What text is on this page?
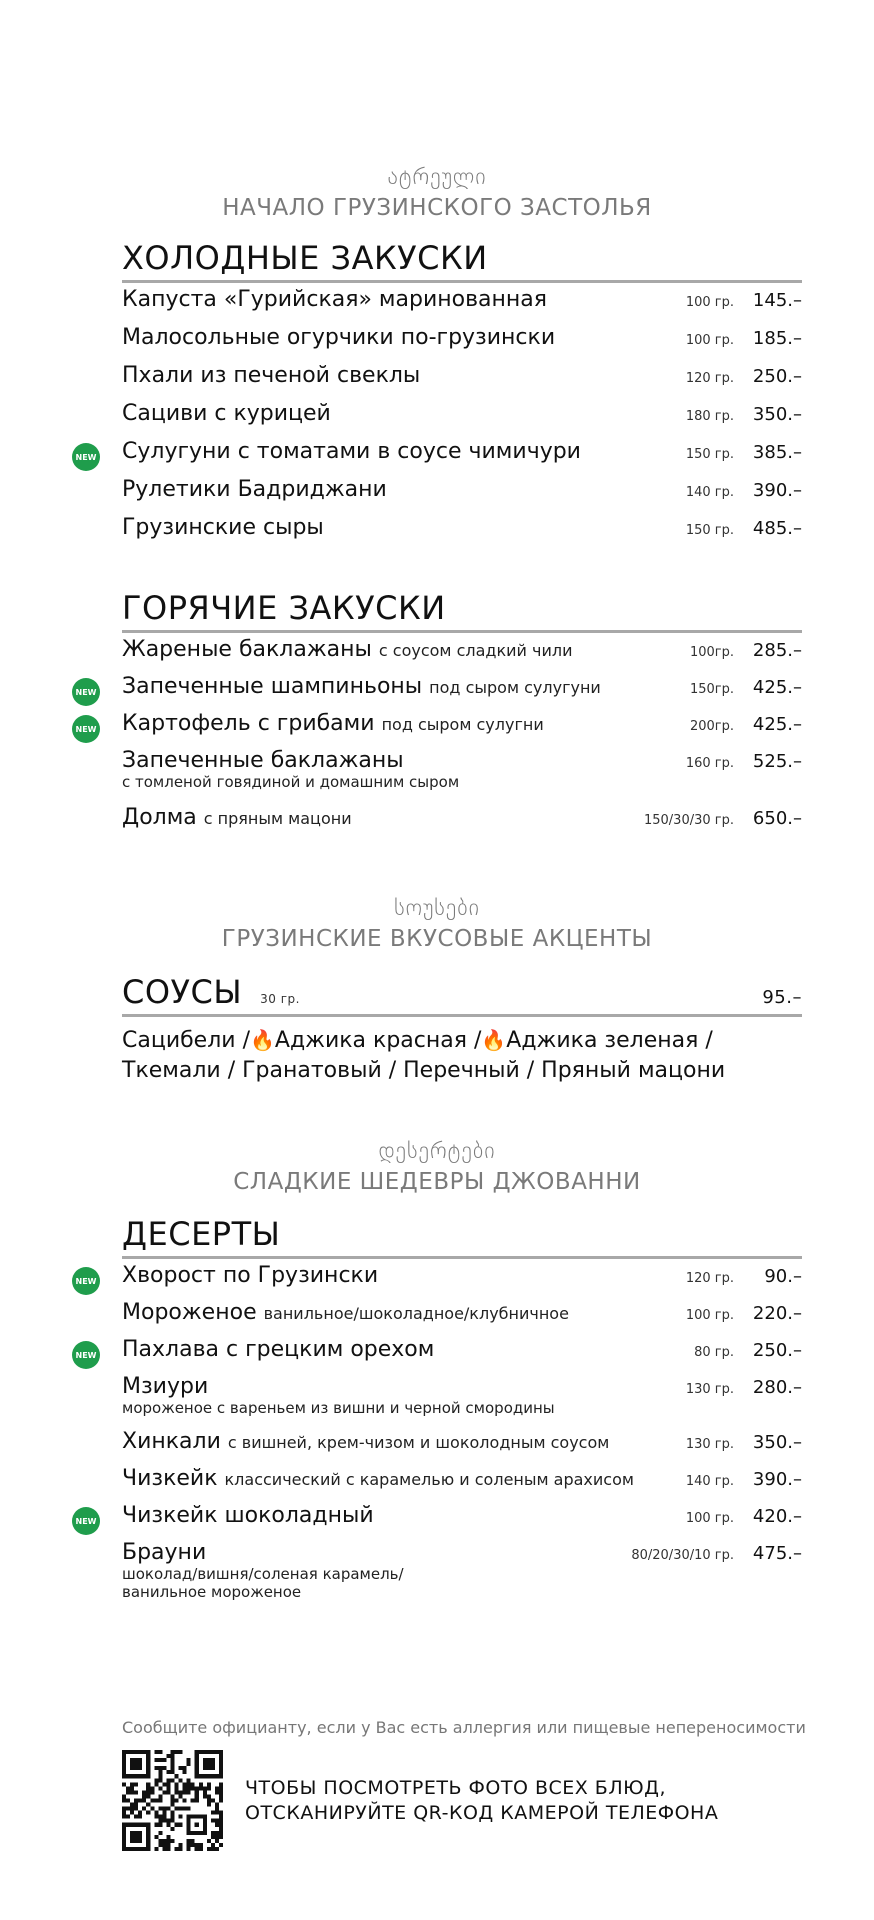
ატრეული
НАЧАЛО ГРУЗИНСКОГО ЗАСТОЛЬЯ
ХОЛОДНЫЕ ЗАКУСКИ
Капуста «Гурийская» маринованная	100 гр.	145.–
Малосольные огурчики по-грузински	100 гр.	185.–
Пхали из печеной свеклы	120 гр.	250.–
Сациви с курицей	180 гр.	350.–
NEW Сулугуни с томатами в соусе чимичури	150 гр.	385.–
Рулетики Бадриджани	140 гр.	390.–
Грузинские сыры	150 гр.	485.–
ГОРЯЧИЕ ЗАКУСКИ
Жареные баклажаны с соусом сладкий чили	100гр.	285.–
NEW Запеченные шампиньоны под сыром сулугуни	150гр.	425.–
NEW Картофель с грибами под сыром сулугни	200гр.	425.–
Запеченные баклажаны	160 гр.	525.–
с томленой говядиной и домашним сыром
Долма с пряным мацони	150/30/30 гр.	650.–
სოუსები
ГРУЗИНСКИЕ ВКУСОВЫЕ АКЦЕНТЫ
СОУСЫ 30 гр.	95.–
Сацибели /🔥Аджика красная /🔥Аджика зеленая /
Ткемали / Гранатовый / Перечный / Пряный мацони
დესერტები
СЛАДКИЕ ШЕДЕВРЫ ДЖОВАННИ
ДЕСЕРТЫ
NEW Хворост по Грузински	120 гр.	90.–
Мороженое ванильное/шоколадное/клубничное	100 гр.	220.–
NEW Пахлава с грецким орехом	80 гр.	250.–
Мзиури	130 гр.	280.–
мороженое с вареньем из вишни и черной смородины
Хинкали с вишней, крем-чизом и шоколодным соусом	130 гр.	350.–
Чизкейк классический с карамелью и соленым арахисом	140 гр.	390.–
NEW Чизкейк шоколадный	100 гр.	420.–
Брауни	80/20/30/10 гр.	475.–
шоколад/вишня/соленая карамель/
ванильное мороженое
Сообщите официанту, если у Вас есть аллергия или пищевые непереносимости
ЧТОБЫ ПОСМОТРЕТЬ ФОТО ВСЕХ БЛЮД,
ОТСКАНИРУЙТЕ QR-КОД КАМЕРОЙ ТЕЛЕФОНА
